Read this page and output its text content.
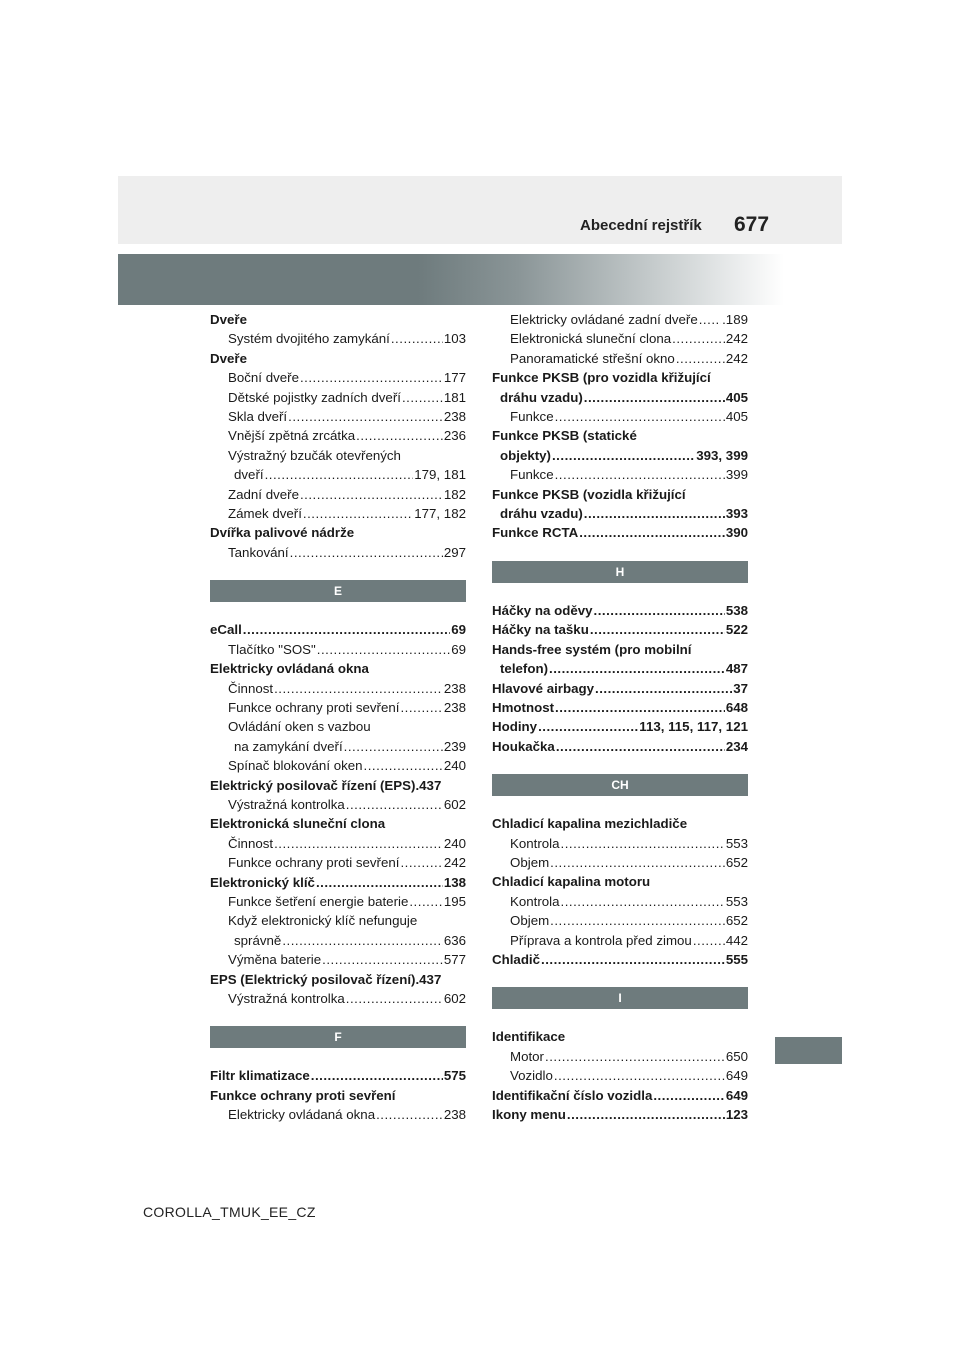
Abecední rejstřík 677
Dveře
Systém dvojitého zamykání .....	103
Dveře
Boční dveře .....	177
Dětské pojistky zadních dveří .....	181
Skla dveří .....	238
Vnější zpětná zrcátka .....	236
Výstražný bzučák otevřených
dveří .....	179, 181
Zadní dveře .....	182
Zámek dveří .....	177, 182
Dvířka palivové nádrže
Tankování .....	297
E
eCall .....	69
Tlačítko "SOS" .....	69
Elektricky ovládaná okna
Činnost .....	238
Funkce ochrany proti sevření .....	238
Ovládání oken s vazbou
na zamykání dveří .....	239
Spínač blokování oken .....	240
Elektrický posilovač řízení (EPS) .437
Výstražná kontrolka .....	602
Elektronická sluneční clona
Činnost .....	240
Funkce ochrany proti sevření .....	242
Elektronický klíč .....	138
Funkce šetření energie baterie .....	195
Když elektronický klíč nefunguje
správně .....	636
Výměna baterie .....	577
EPS (Elektrický posilovač řízení) .437
Výstražná kontrolka .....	602
F
Filtr klimatizace .....	575
Funkce ochrany proti sevření
Elektricky ovládaná okna .....	238
Elektricky ovládané zadní dveře ..... .189
Elektronická sluneční clona .....	242
Panoramatické střešní okno .....	242
Funkce PKSB (pro vozidla křižující
dráhu vzadu) .....	405
Funkce .....	405
Funkce PKSB (statické
objekty) .....	393, 399
Funkce .....	399
Funkce PKSB (vozidla křižující
dráhu vzadu) .....	393
Funkce RCTA .....	390
H
Háčky na oděvy .....	538
Háčky na tašku .....	522
Hands-free systém (pro mobilní
telefon) .....	487
Hlavové airbagy .....	37
Hmotnost .....	648
Hodiny .....	113, 115, 117, 121
Houkačka .....	234
CH
Chladicí kapalina mezichladiče
Kontrola .....	553
Objem .....	652
Chladicí kapalina motoru
Kontrola .....	553
Objem .....	652
Příprava a kontrola před zimou .....	442
Chladič .....	555
I
Identifikace
Motor .....	650
Vozidlo .....	649
Identifikační číslo vozidla .....	649
Ikony menu .....	123
COROLLA_TMUK_EE_CZ
